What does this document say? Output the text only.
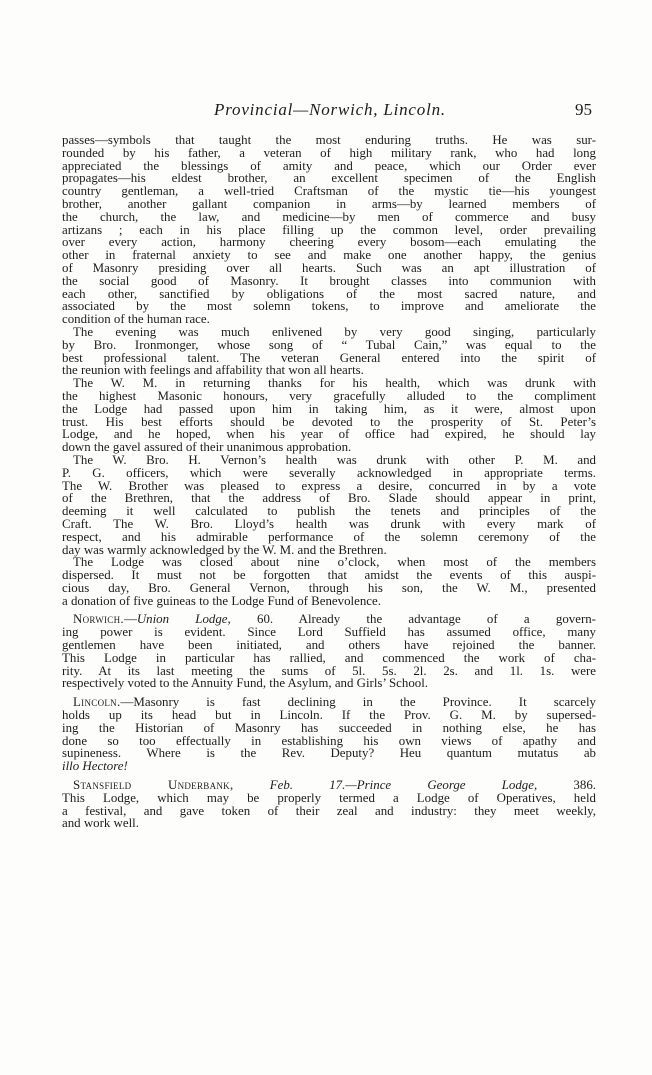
Provincial—Norwich, Lincoln.	95
passes—symbols that taught the most enduring truths. He was sur-
rounded by his father, a veteran of high military rank, who had long
appreciated the blessings of amity and peace, which our Order ever
propagates—his eldest brother, an excellent specimen of the English
country gentleman, a well-tried Craftsman of the mystic tie—his youngest
brother, another gallant companion in arms—by learned members of
the church, the law, and medicine—by men of commerce and busy
artizans ; each in his place filling up the common level, order prevailing
over every action, harmony cheering every bosom—each emulating the
other in fraternal anxiety to see and make one another happy, the genius
of Masonry presiding over all hearts. Such was an apt illustration of
the social good of Masonry. It brought classes into communion with
each other, sanctified by obligations of the most sacred nature, and
associated by the most solemn tokens, to improve and ameliorate the
condition of the human race.
The evening was much enlivened by very good singing, particularly
by Bro. Ironmonger, whose song of “ Tubal Cain,” was equal to the
best professional talent. The veteran General entered into the spirit of
the reunion with feelings and affability that won all hearts.
The W. M. in returning thanks for his health, which was drunk with
the highest Masonic honours, very gracefully alluded to the compliment
the Lodge had passed upon him in taking him, as it were, almost upon
trust. His best efforts should be devoted to the prosperity of St. Peter’s
Lodge, and he hoped, when his year of office had expired, he should lay
down the gavel assured of their unanimous approbation.
The W. Bro. H. Vernon’s health was drunk with other P. M. and
P. G. officers, which were severally acknowledged in appropriate terms.
The W. Brother was pleased to express a desire, concurred in by a vote
of the Brethren, that the address of Bro. Slade should appear in print,
deeming it well calculated to publish the tenets and principles of the
Craft. The W. Bro. Lloyd’s health was drunk with every mark of
respect, and his admirable performance of the solemn ceremony of the
day was warmly acknowledged by the W. M. and the Brethren.
The Lodge was closed about nine o’clock, when most of the members
dispersed. It must not be forgotten that amidst the events of this auspi-
cious day, Bro. General Vernon, through his son, the W. M., presented
a donation of five guineas to the Lodge Fund of Benevolence.
Norwich.—Union Lodge, 60. Already the advantage of a govern-
ing power is evident. Since Lord Suffield has assumed office, many
gentlemen have been initiated, and others have rejoined the banner.
This Lodge in particular has rallied, and commenced the work of cha-
rity. At its last meeting the sums of 5l. 5s. 2l. 2s. and 1l. 1s. were
respectively voted to the Annuity Fund, the Asylum, and Girls’ School.
Lincoln.—Masonry is fast declining in the Province. It scarcely
holds up its head but in Lincoln. If the Prov. G. M. by supersed-
ing the Historian of Masonry has succeeded in nothing else, he has
done so too effectually in establishing his own views of apathy and
supineness. Where is the Rev. Deputy? Heu quantum mutatus ab
illo Hectore!
Stansfield Underbank,	Feb. 17.—Prince George Lodge,	386.
This Lodge, which may be properly termed a Lodge of Operatives, held
a festival, and gave token of their zeal and industry: they meet weekly,
and work well.
